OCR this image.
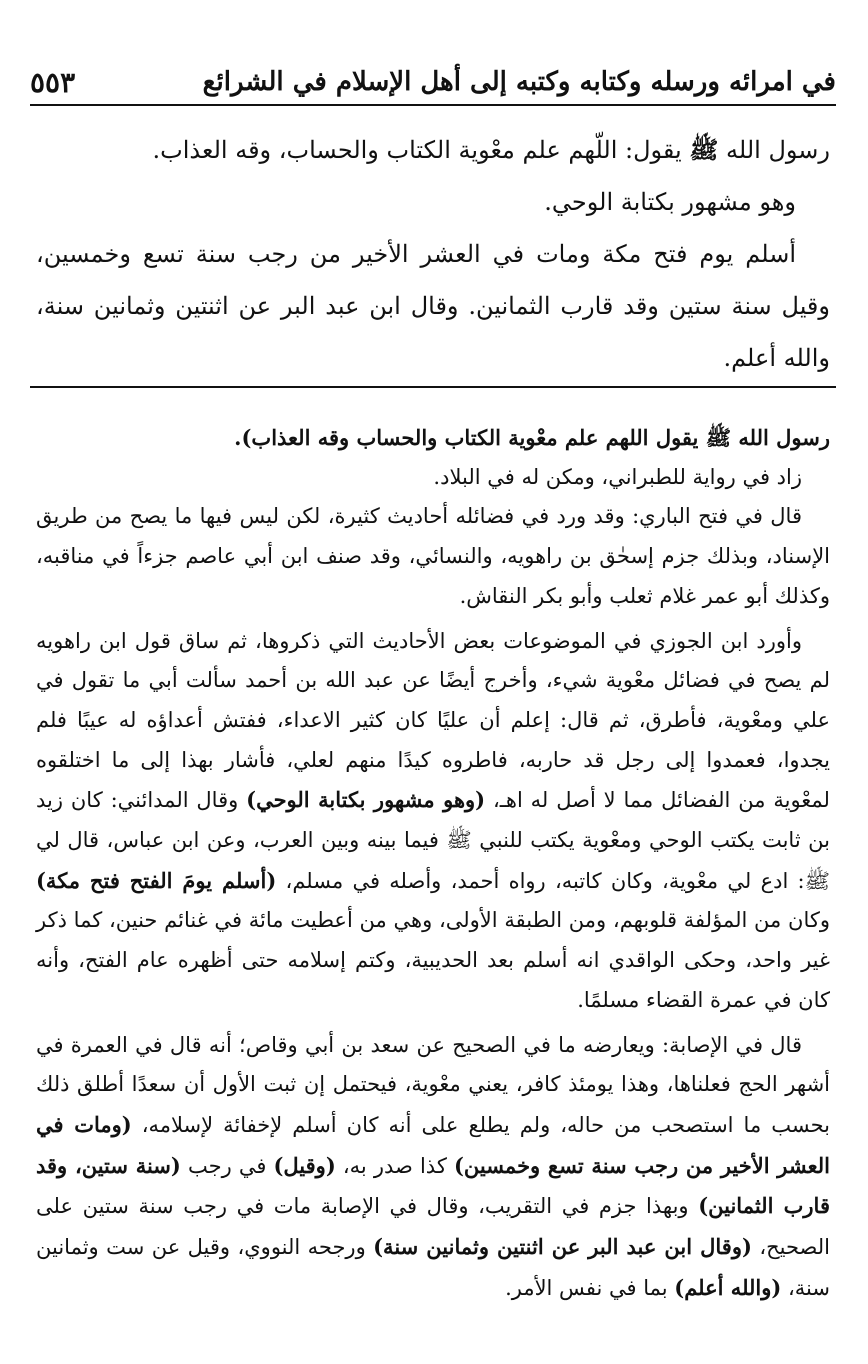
في امرائه ورسله وكتابه وكتبه إلى أهل الإسلام في الشرائع
٥٥٣

رسول الله ﷺ يقول: اللّهم علم معْوية الكتاب والحساب، وقه العذاب.

وهو مشهور بكتابة الوحي.

أسلم يوم فتح مكة ومات في العشر الأخير من رجب سنة تسع وخمسين، وقيل سنة ستين وقد قارب الثمانين. وقال ابن عبد البر عن اثنتين وثمانين سنة، والله أعلم.

رسول الله ﷺ يقول اللهم علم معْوية الكتاب والحساب وقه العذاب).

زاد في رواية للطبراني، ومكن له في البلاد.

قال في فتح الباري: وقد ورد في فضائله أحاديث كثيرة، لكن ليس فيها ما يصح من طريق الإسناد، وبذلك جزم إسحٰق بن راهويه، والنسائي، وقد صنف ابن أبي عاصم جزءاً في مناقبه، وكذلك أبو عمر غلام ثعلب وأبو بكر النقاش.

وأورد ابن الجوزي في الموضوعات بعض الأحاديث التي ذكروها، ثم ساق قول ابن راهويه لم يصح في فضائل معْوية شيء، وأخرج أيضًا عن عبد الله بن أحمد سألت أبي ما تقول في علي ومعْوية، فأطرق، ثم قال: إعلم أن عليًا كان كثير الاعداء، ففتش أعداؤه له عيبًا فلم يجدوا، فعمدوا إلى رجل قد حاربه، فاطروه كيدًا منهم لعلي، فأشار بهذا إلى ما اختلقوه لمعْوية من الفضائل مما لا أصل له اهـ، (وهو مشهور بكتابة الوحي) وقال المدائني: كان زيد بن ثابت يكتب الوحي ومعْوية يكتب للنبي ﷺ فيما بينه وبين العرب، وعن ابن عباس، قال لي ﷺ: ادع لي معْوية، وكان كاتبه، رواه أحمد، وأصله في مسلم، (أسلم يومَ الفتح فتح مكة) وكان من المؤلفة قلوبهم، ومن الطبقة الأولى، وهي من أعطيت مائة في غنائم حنين، كما ذكر غير واحد، وحكى الواقدي انه أسلم بعد الحديبية، وكتم إسلامه حتى أظهره عام الفتح، وأنه كان في عمرة القضاء مسلمًا.

قال في الإصابة: ويعارضه ما في الصحيح عن سعد بن أبي وقاص؛ أنه قال في العمرة في أشهر الحج فعلناها، وهذا يومئذ كافر، يعني معْوية، فيحتمل إن ثبت الأول أن سعدًا أطلق ذلك بحسب ما استصحب من حاله، ولم يطلع على أنه كان أسلم لإخفائة لإسلامه، (ومات في العشر الأخير من رجب سنة تسع وخمسين) كذا صدر به، (وقيل) في رجب (سنة ستين، وقد قارب الثمانين) وبهذا جزم في التقريب، وقال في الإصابة مات في رجب سنة ستين على الصحيح، (وقال ابن عبد البر عن اثنتين وثمانين سنة) ورجحه النووي، وقيل عن ست وثمانين سنة، (والله أعلم) بما في نفس الأمر.
